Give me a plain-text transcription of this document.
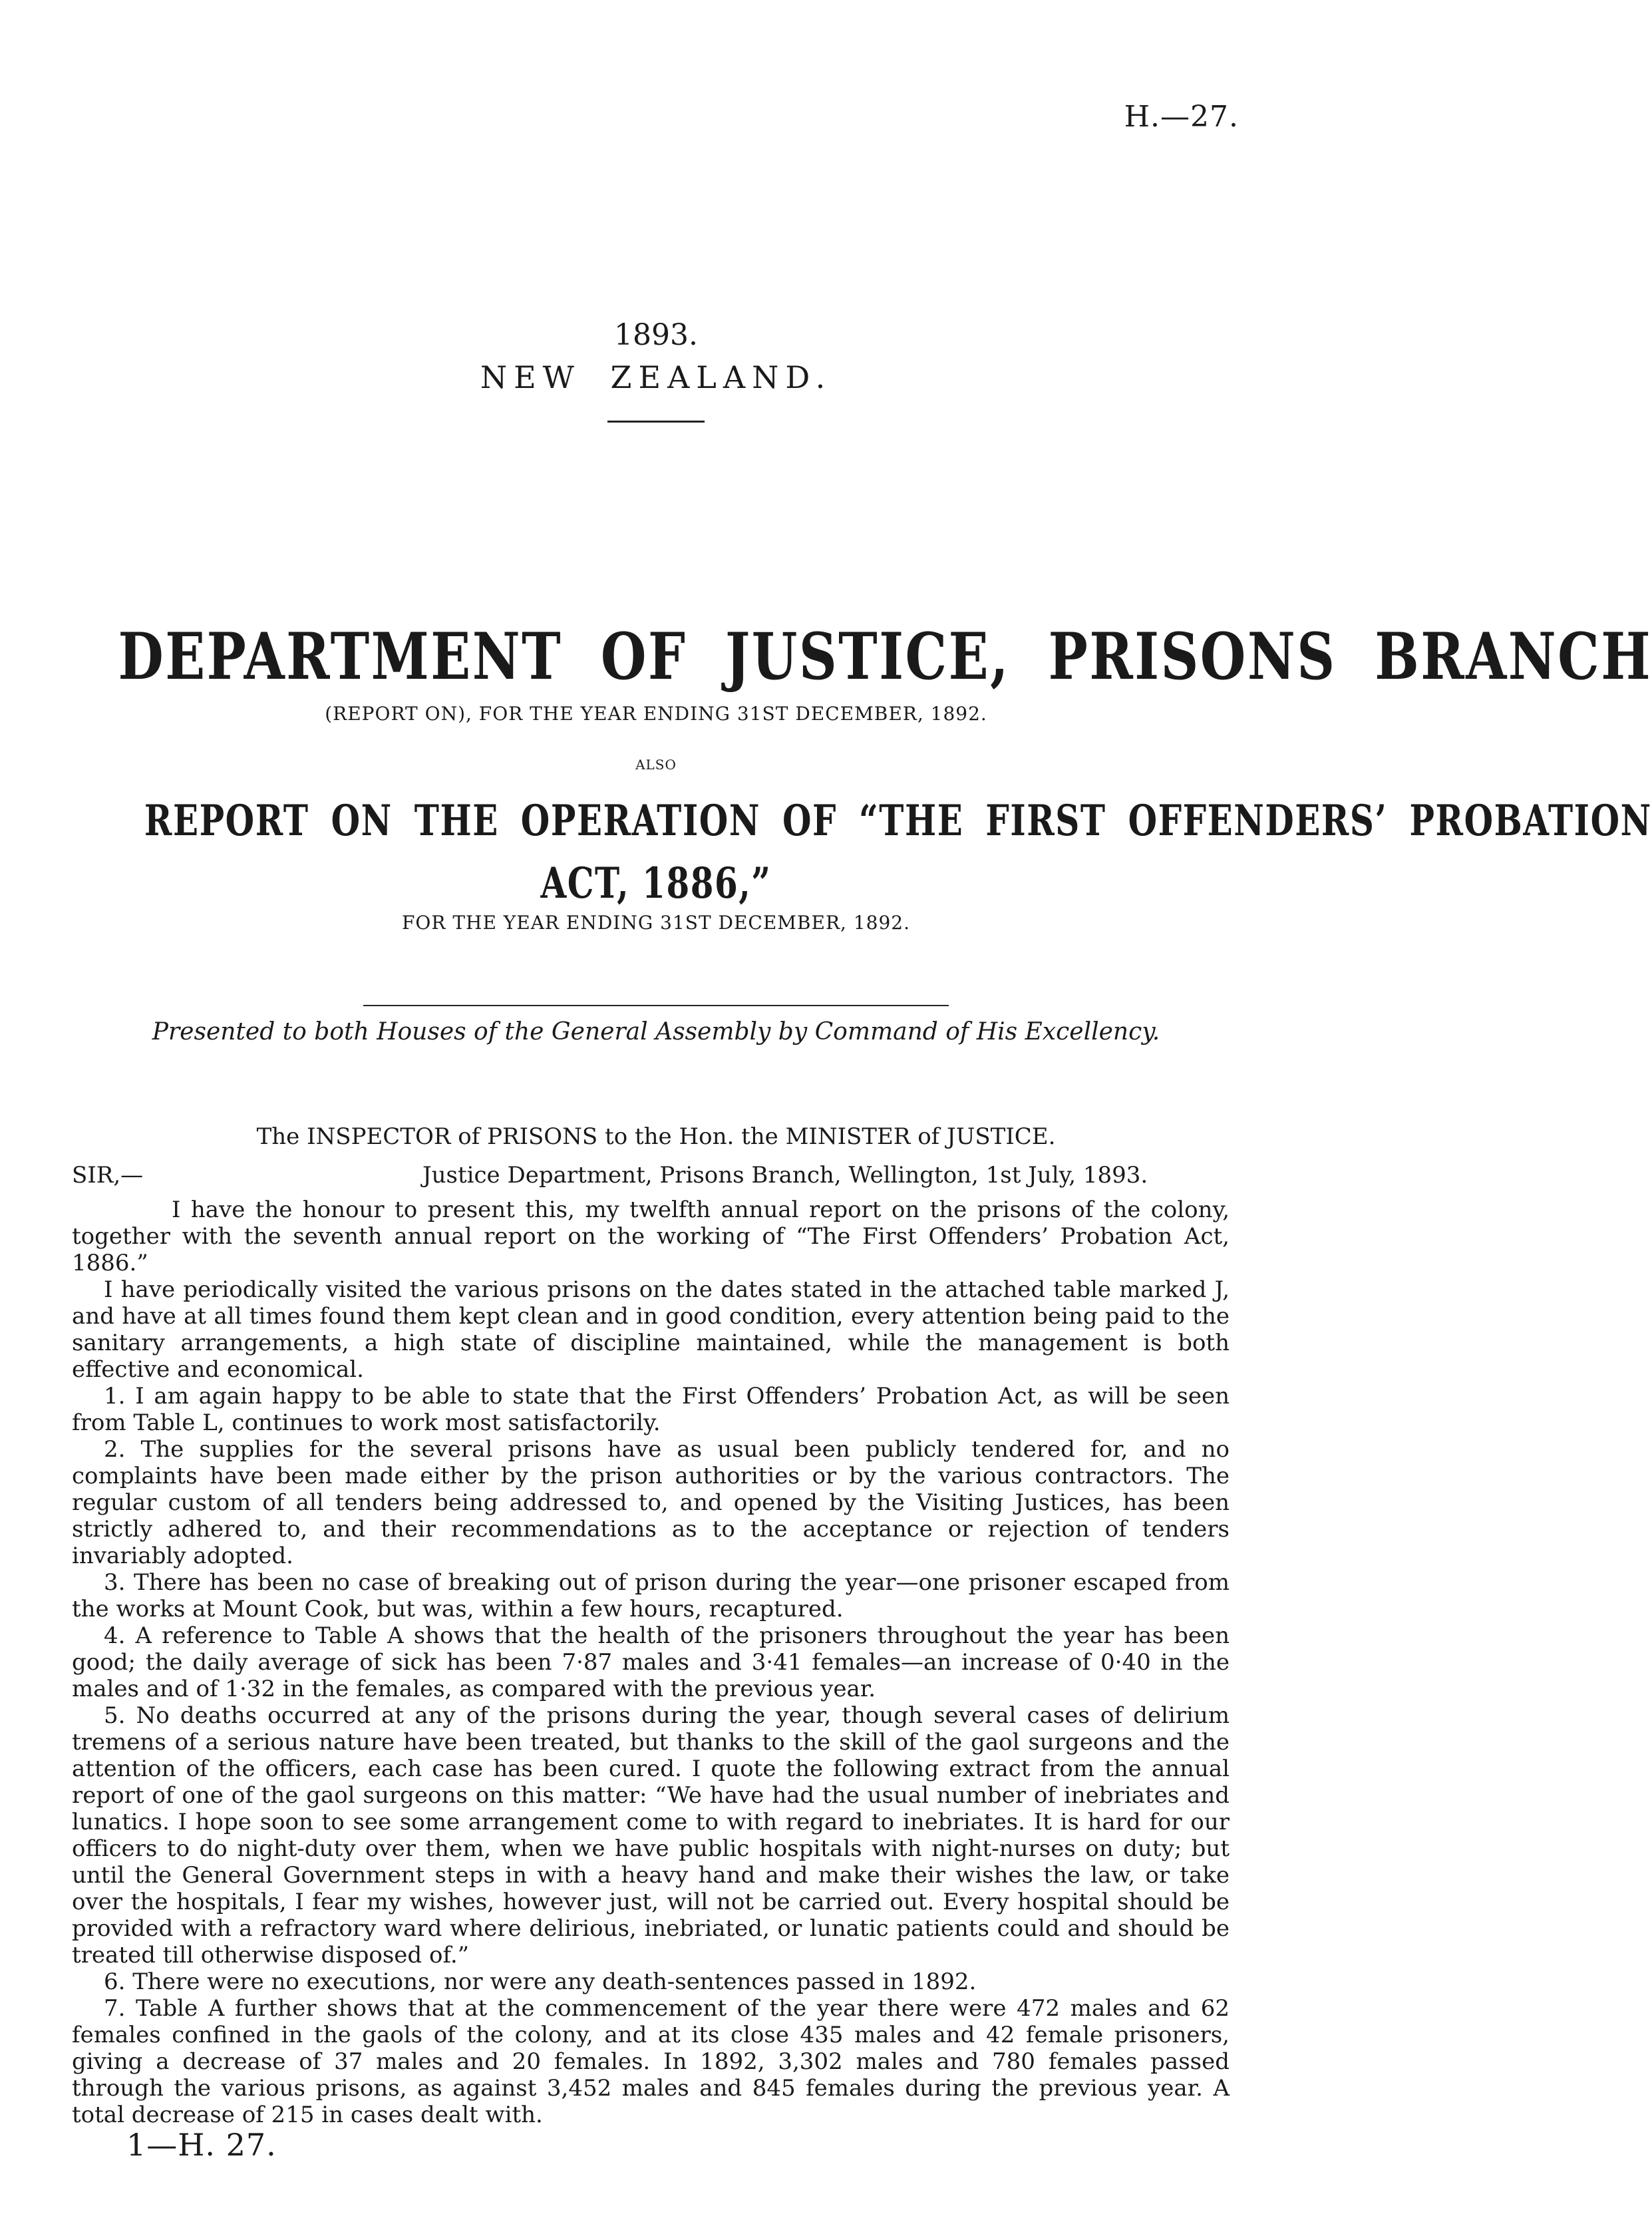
H.—27.
1893.
NEW ZEALAND.
DEPARTMENT OF JUSTICE, PRISONS BRANCH
(REPORT ON), FOR THE YEAR ENDING 31ST DECEMBER, 1892.
ALSO
REPORT ON THE OPERATION OF “THE FIRST OFFENDERS’ PROBATION
ACT, 1886,”
FOR THE YEAR ENDING 31ST DECEMBER, 1892.
Presented to both Houses of the General Assembly by Command of His Excellency.
The INSPECTOR of PRISONS to the Hon. the MINISTER of JUSTICE.
SIR,—	Justice Department, Prisons Branch, Wellington, 1st July, 1893.

I have the honour to present this, my twelfth annual report on the prisons of the colony, together with the seventh annual report on the working of “The First Offenders’ Probation Act, 1886.”

I have periodically visited the various prisons on the dates stated in the attached table marked J, and have at all times found them kept clean and in good condition, every attention being paid to the sanitary arrangements, a high state of discipline maintained, while the management is both effective and economical.

1. I am again happy to be able to state that the First Offenders’ Probation Act, as will be seen from Table L, continues to work most satisfactorily.

2. The supplies for the several prisons have as usual been publicly tendered for, and no complaints have been made either by the prison authorities or by the various contractors. The regular custom of all tenders being addressed to, and opened by the Visiting Justices, has been strictly adhered to, and their recommendations as to the acceptance or rejection of tenders invariably adopted.

3. There has been no case of breaking out of prison during the year—one prisoner escaped from the works at Mount Cook, but was, within a few hours, recaptured.

4. A reference to Table A shows that the health of the prisoners throughout the year has been good; the daily average of sick has been 7·87 males and 3·41 females—an increase of 0·40 in the males and of 1·32 in the females, as compared with the previous year.

5. No deaths occurred at any of the prisons during the year, though several cases of delirium tremens of a serious nature have been treated, but thanks to the skill of the gaol surgeons and the attention of the officers, each case has been cured. I quote the following extract from the annual report of one of the gaol surgeons on this matter: “We have had the usual number of inebriates and lunatics. I hope soon to see some arrangement come to with regard to inebriates. It is hard for our officers to do night-duty over them, when we have public hospitals with night-nurses on duty; but until the General Government steps in with a heavy hand and make their wishes the law, or take over the hospitals, I fear my wishes, however just, will not be carried out. Every hospital should be provided with a refractory ward where delirious, inebriated, or lunatic patients could and should be treated till otherwise disposed of.”

6. There were no executions, nor were any death-sentences passed in 1892.

7. Table A further shows that at the commencement of the year there were 472 males and 62 females confined in the gaols of the colony, and at its close 435 males and 42 female prisoners, giving a decrease of 37 males and 20 females. In 1892, 3,302 males and 780 females passed through the various prisons, as against 3,452 males and 845 females during the previous year. A total decrease of 215 in cases dealt with.

1—H. 27.
